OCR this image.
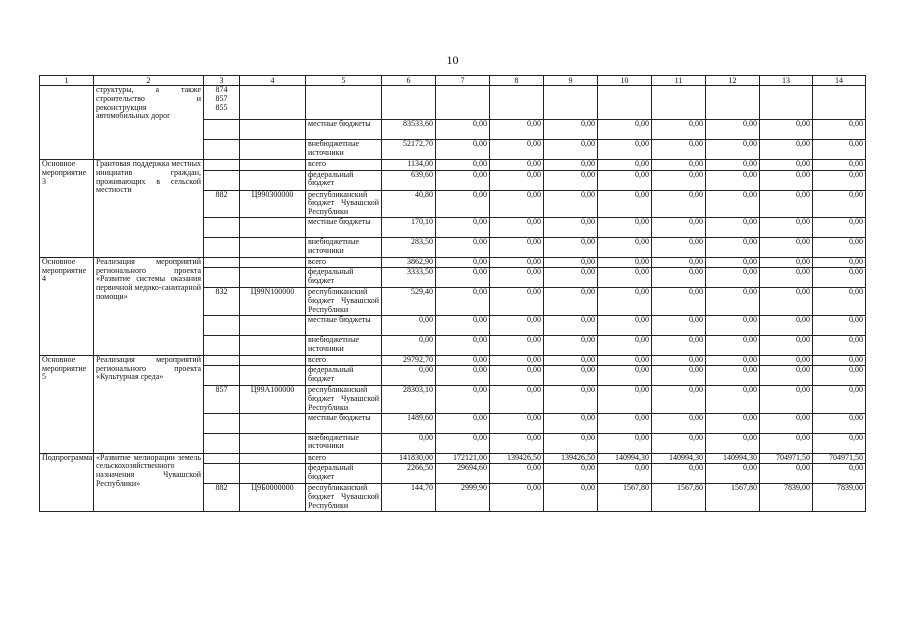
10
1	2	3	4	5	6	7	8	9	10	11	12	13	14
	структуры, а также строительство и реконструкция автомобильных дорог	874
857
855											
				местные бюджеты	83533,60	0,00	0,00	0,00	0,00	0,00	0,00	0,00	0,00
				внебюджетные источники	52172,70	0,00	0,00	0,00	0,00	0,00	0,00	0,00	0,00
Основное мероприятие 3	Грантовая поддержка местных инициатив граждан, проживающих в сельской местности			всего	1134,00	0,00	0,00	0,00	0,00	0,00	0,00	0,00	0,00
				федеральный бюджет	639,60	0,00	0,00	0,00	0,00	0,00	0,00	0,00	0,00
		882	Ц990300000	республиканский бюджет Чувашской Республики	40,80	0,00	0,00	0,00	0,00	0,00	0,00	0,00	0,00
				местные бюджеты	170,10	0,00	0,00	0,00	0,00	0,00	0,00	0,00	0,00
				внебюджетные источники	283,50	0,00	0,00	0,00	0,00	0,00	0,00	0,00	0,00
Основное мероприятие 4	Реализация мероприятий регионального проекта «Развитие системы оказания первичной медико-санитарной помощи»			всего	3862,90	0,00	0,00	0,00	0,00	0,00	0,00	0,00	0,00
				федеральный бюджет	3333,50	0,00	0,00	0,00	0,00	0,00	0,00	0,00	0,00
		832	Ц99N100000	республиканский бюджет Чувашской Республики	529,40	0,00	0,00	0,00	0,00	0,00	0,00	0,00	0,00
				местные бюджеты	0,00	0,00	0,00	0,00	0,00	0,00	0,00	0,00	0,00
				внебюджетные источники	0,00	0,00	0,00	0,00	0,00	0,00	0,00	0,00	0,00
Основное мероприятие 5	Реализация мероприятий регионального проекта «Культурная среда»			всего	29792,70	0,00	0,00	0,00	0,00	0,00	0,00	0,00	0,00
				федеральный бюджет	0,00	0,00	0,00	0,00	0,00	0,00	0,00	0,00	0,00
		857	Ц99A100000	республиканский бюджет Чувашской Республики	28303,10	0,00	0,00	0,00	0,00	0,00	0,00	0,00	0,00
				местные бюджеты	1489,60	0,00	0,00	0,00	0,00	0,00	0,00	0,00	0,00
				внебюджетные источники	0,00	0,00	0,00	0,00	0,00	0,00	0,00	0,00	0,00
Подпрограмма	«Развитие мелиорации земель сельскохозяйственного назначения Чувашской Республики»			всего	141830,00	172121,00	139426,50	139426,50	140994,30	140994,30	140994,30	704971,50	704971,50
				федеральный бюджет	2266,50	29694,60	0,00	0,00	0,00	0,00	0,00	0,00	0,00
		882	Ц9Б0000000	республиканский бюджет Чувашской Республики	144,70	2999,90	0,00	0,00	1567,80	1567,80	1567,80	7839,00	7839,00
